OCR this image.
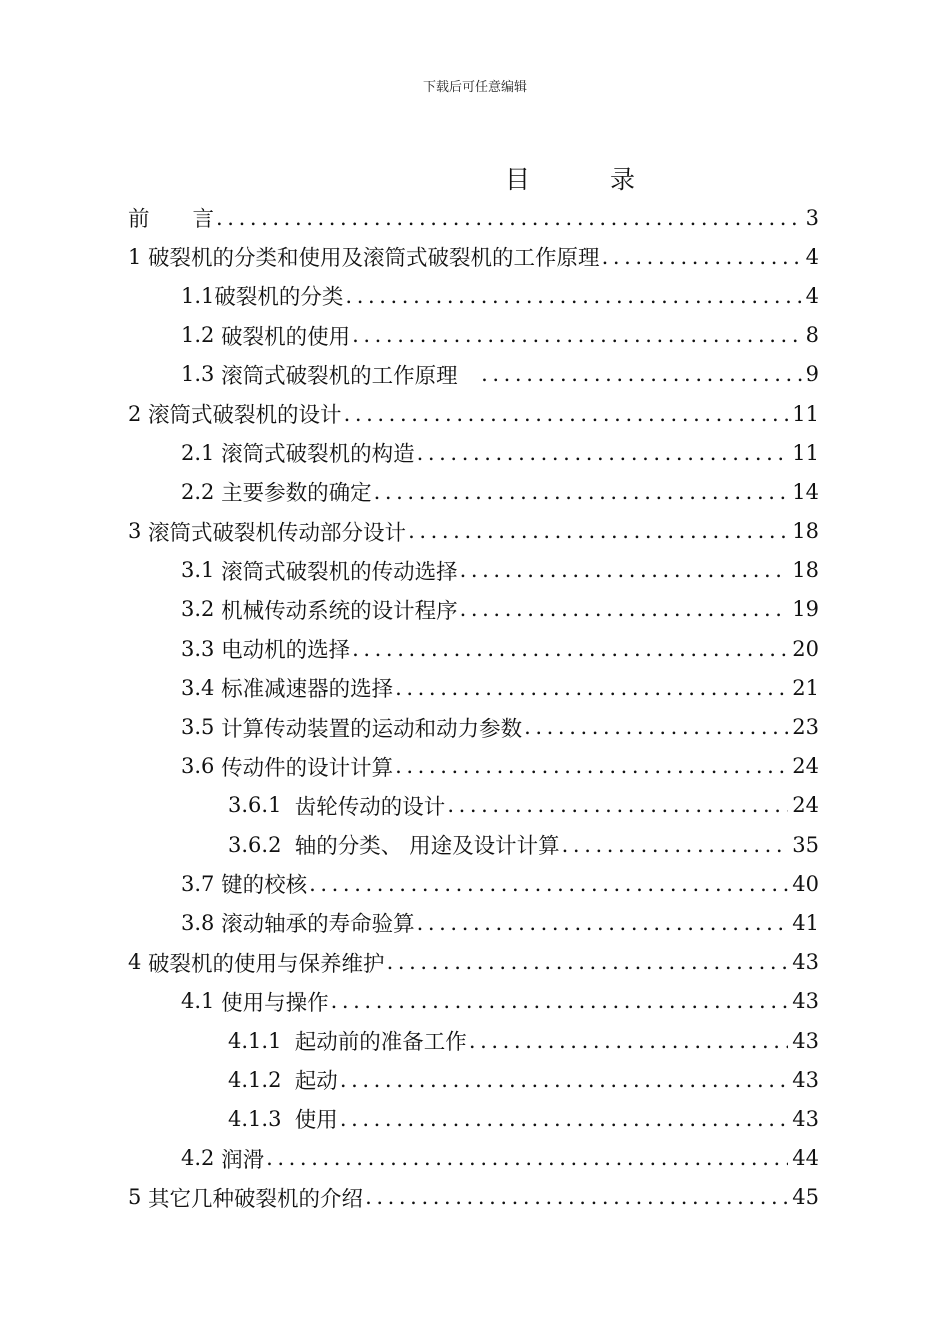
下载后可任意编辑
目 录
前　　言 .....	3
1 破裂机的分类和使用及滚筒式破裂机的工作原理 .....	4
1.1 破裂机的分类 .....	4
1.2 破裂机的使用 .....	8
1.3 滚筒式破裂机的工作原理　 .....	9
2 滚筒式破裂机的设计 .....	11
2.1 滚筒式破裂机的构造 .....	11
2.2 主要参数的确定 .....	14
3 滚筒式破裂机传动部分设计 .....	18
3.1 滚筒式破裂机的传动选择 .....	18
3.2 机械传动系统的设计程序 .....	19
3.3 电动机的选择 .....	20
3.4 标准减速器的选择 .....	21
3.5 计算传动装置的运动和动力参数 .....	23
3.6 传动件的设计计算 .....	24
3.6.1 齿轮传动的设计 .....	24
3.6.2 轴的分类、 用途及设计计算 .....	35
3.7 键的校核 .....	40
3.8 滚动轴承的寿命验算 .....	41
4 破裂机的使用与保养维护 .....	43
4.1 使用与操作 .....	43
4.1.1 起动前的准备工作 .....	43
4.1.2 起动 .....	43
4.1.3 使用 .....	43
4.2 润滑 .....	44
5 其它几种破裂机的介绍 .....	45
